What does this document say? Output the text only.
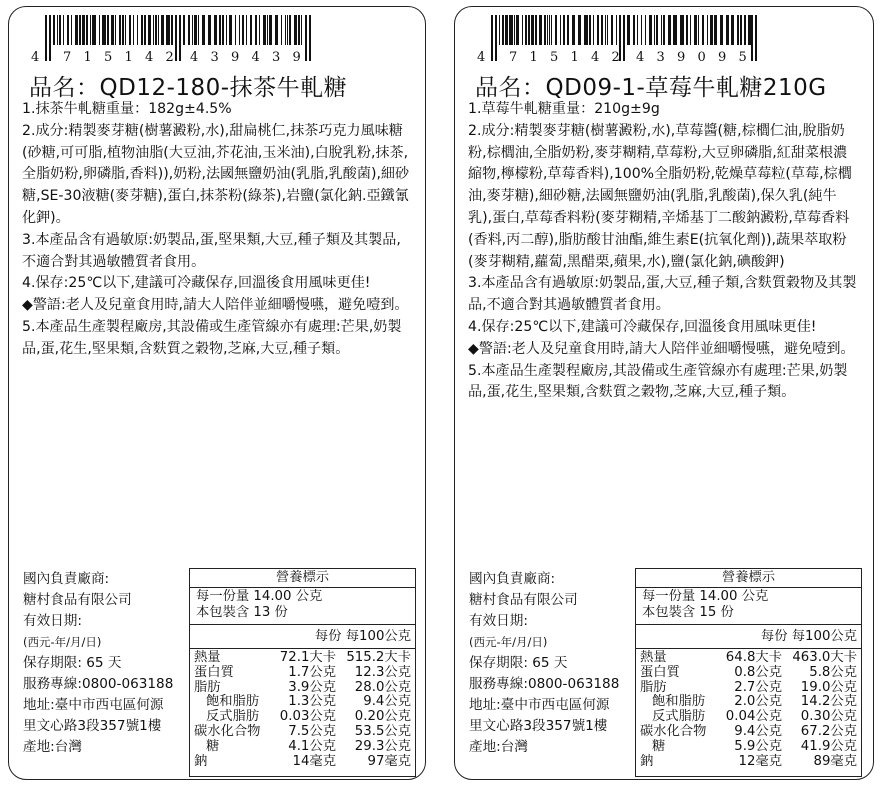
4 7 1 5 1 4 2 4 3 9 4 3 9
品名：QD12-180-抹茶牛軋糖

1.抹茶牛軋糖重量：182g±4.5%

2.成分:精製麥芽糖(樹薯澱粉,水),甜扁桃仁,抹茶巧克力風味糖(砂糖,可可脂,植物油脂(大豆油,芥花油,玉米油),白脫乳粉,抹茶,全脂奶粉,卵磷脂,香料)),奶粉,法國無鹽奶油(乳脂,乳酸菌),細砂糖,SE-30液糖(麥芽糖),蛋白,抹茶粉(綠茶),岩鹽(氯化鈉.亞鐵氰化鉀)。

3.本產品含有過敏原:奶製品,蛋,堅果類,大豆,種子類及其製品,不適合對其過敏體質者食用。

4.保存:25℃以下,建議可冷藏保存,回溫後食用風味更佳!

◆警語:老人及兒童食用時,請大人陪伴並細嚼慢嚥，避免噎到。

5.本產品生產製程廠房,其設備或生產管線亦有處理:芒果,奶製品,蛋,花生,堅果類,含麩質之穀物,芝麻,大豆,種子類。

國內負責廠商:
糖村食品有限公司
有效日期:
(西元-年/月/日)
保存期限: 65 天
服務專線:0800-063188
地址:臺中市西屯區何源
里文心路3段357號1樓
產地:台灣
營養標示
每一份量 14.00 公克
本包裝含 13 份
每份 每100公克
熱量	72.1大卡	515.2大卡
蛋白質	1.7公克	12.3公克
脂肪	3.9公克	28.0公克
飽和脂肪	1.3公克	9.4公克
反式脂肪	0.03公克	0.20公克
碳水化合物	7.5公克	53.5公克
糖	4.1公克	29.3公克
鈉	14毫克	97毫克
4 7 1 5 1 4 2 4 3 9 0 9 5
品名：QD09-1-草莓牛軋糖210G

1.草莓牛軋糖重量：210g±9g

2.成分:精製麥芽糖(樹薯澱粉,水),草莓醬(糖,棕櫚仁油,脫脂奶粉,棕櫚油,全脂奶粉,麥芽糊精,草莓粉,大豆卵磷脂,紅甜菜根濃縮物,檸檬粉,草莓香料),100%全脂奶粉,乾燥草莓粒(草莓,棕櫚油,麥芽糖),細砂糖,法國無鹽奶油(乳脂,乳酸菌),保久乳(純牛乳),蛋白,草莓香料粉(麥芽糊精,辛烯基丁二酸鈉澱粉,草莓香料(香料,丙二醇),脂肪酸甘油酯,維生素E(抗氧化劑)),蔬果萃取粉(麥芽糊精,蘿蔔,黑醋栗,蘋果,水),鹽(氯化鈉,碘酸鉀)

3.本產品含有過敏原:奶製品,蛋,大豆,種子類,含麩質穀物及其製品,不適合對其過敏體質者食用。

4.保存:25℃以下,建議可冷藏保存,回溫後食用風味更佳!

◆警語:老人及兒童食用時,請大人陪伴並細嚼慢嚥，避免噎到。

5.本產品生產製程廠房,其設備或生產管線亦有處理:芒果,奶製品,蛋,花生,堅果類,含麩質之穀物,芝麻,大豆,種子類。

國內負責廠商:
糖村食品有限公司
有效日期:
(西元-年/月/日)
保存期限: 65 天
服務專線:0800-063188
地址:臺中市西屯區何源
里文心路3段357號1樓
產地:台灣
營養標示
每一份量 14.00 公克
本包裝含 15 份
每份 每100公克
熱量	64.8大卡	463.0大卡
蛋白質	0.8公克	5.8公克
脂肪	2.7公克	19.0公克
飽和脂肪	2.0公克	14.2公克
反式脂肪	0.04公克	0.30公克
碳水化合物	9.4公克	67.2公克
糖	5.9公克	41.9公克
鈉	12毫克	89毫克
